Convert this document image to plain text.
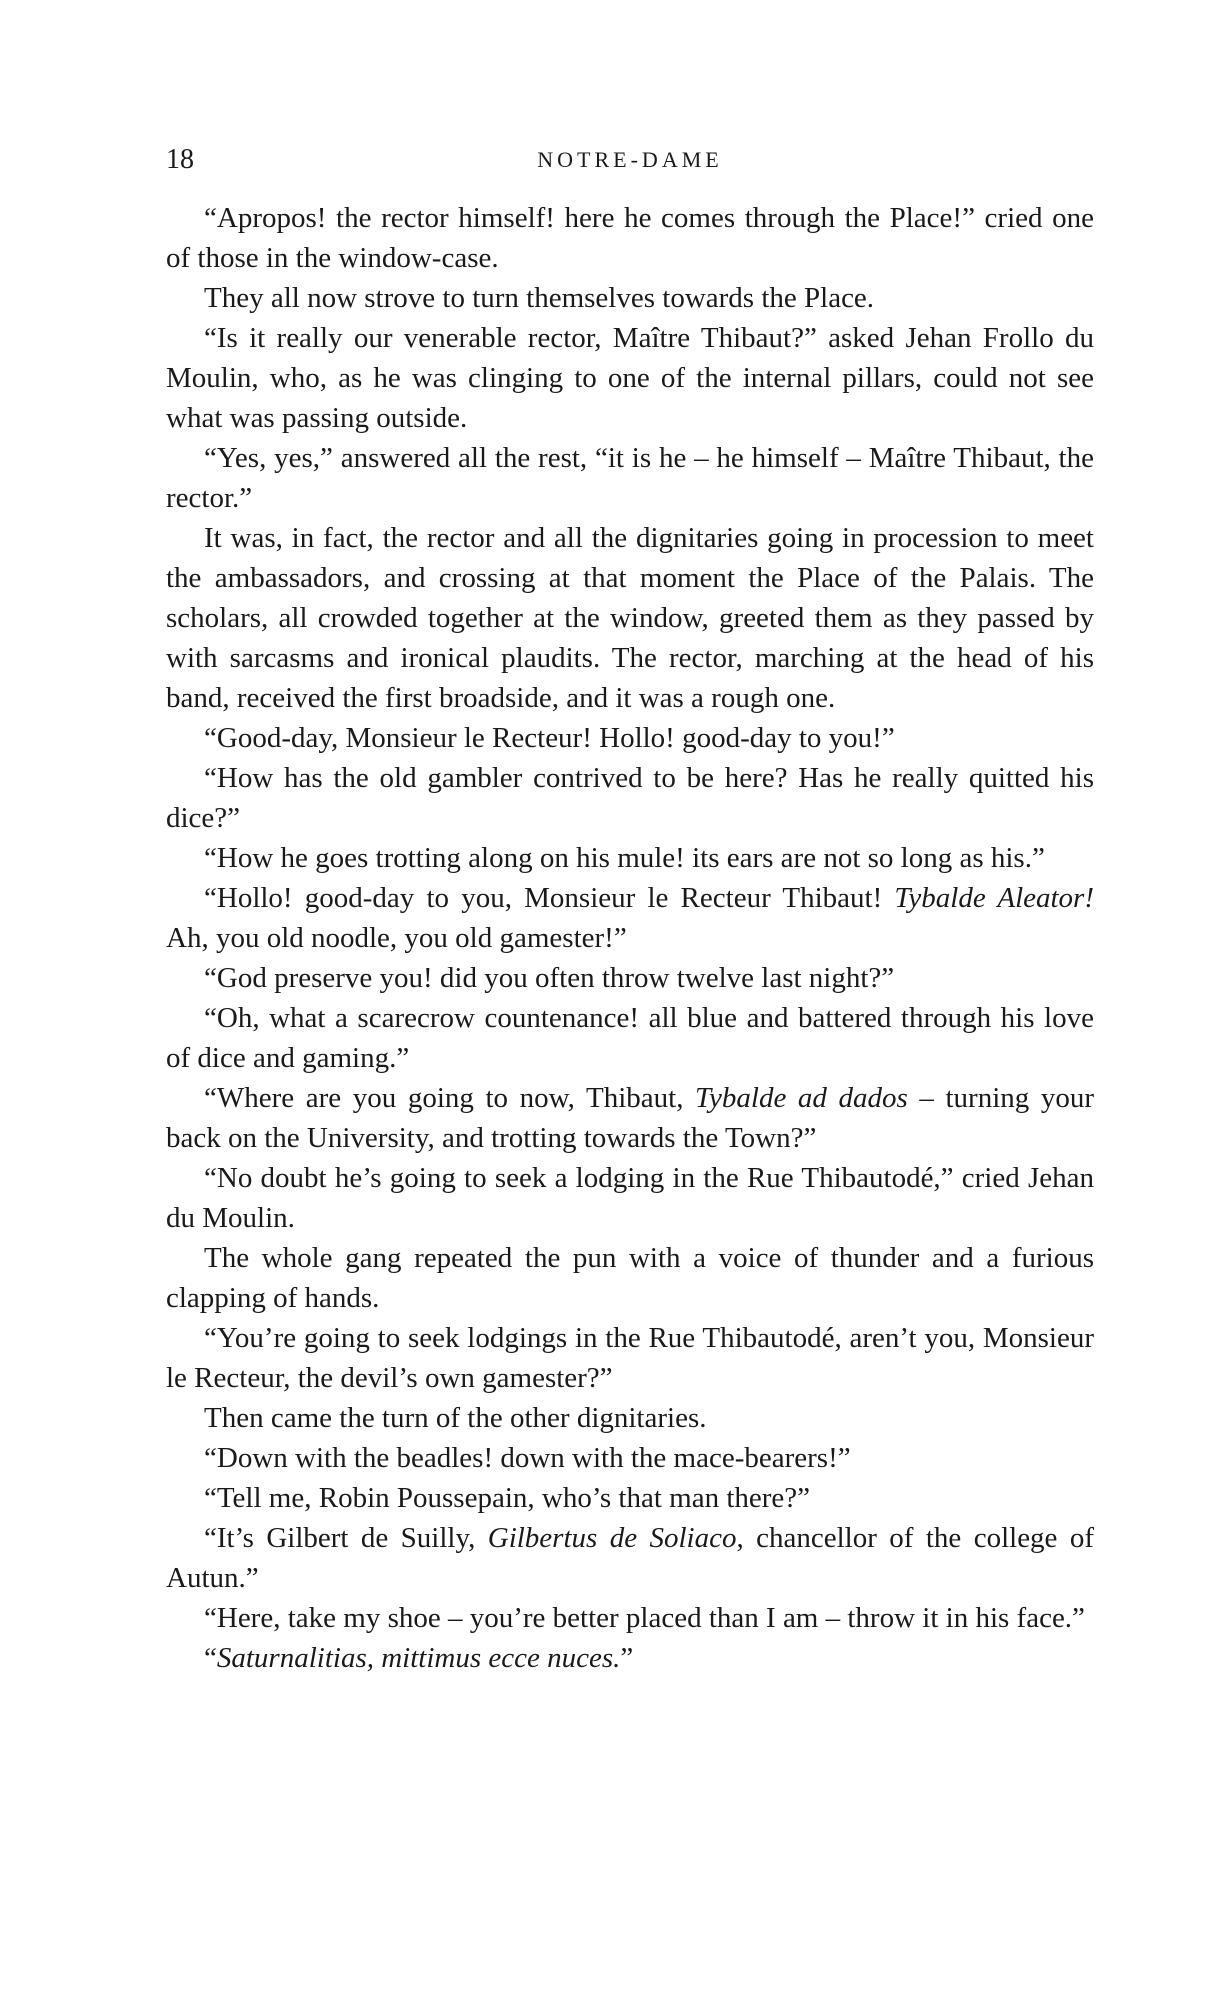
18	NOTRE-DAME

“Apropos! the rector himself! here he comes through the Place!” cried one of those in the window-case.

They all now strove to turn themselves towards the Place.

“Is it really our venerable rector, Maître Thibaut?” asked Jehan Frollo du Moulin, who, as he was clinging to one of the internal pillars, could not see what was passing outside.

“Yes, yes,” answered all the rest, “it is he – he himself – Maître Thibaut, the rector.”

It was, in fact, the rector and all the dignitaries going in procession to meet the ambassadors, and crossing at that moment the Place of the Palais. The scholars, all crowded together at the window, greeted them as they passed by with sarcasms and ironical plaudits. The rector, marching at the head of his band, received the first broadside, and it was a rough one.

“Good-day, Monsieur le Recteur! Hollo! good-day to you!”

“How has the old gambler contrived to be here? Has he really quitted his dice?”

“How he goes trotting along on his mule! its ears are not so long as his.”

“Hollo! good-day to you, Monsieur le Recteur Thibaut! Tybalde Aleator! Ah, you old noodle, you old gamester!”

“God preserve you! did you often throw twelve last night?”

“Oh, what a scarecrow countenance! all blue and battered through his love of dice and gaming.”

“Where are you going to now, Thibaut, Tybalde ad dados – turning your back on the University, and trotting towards the Town?”

“No doubt he’s going to seek a lodging in the Rue Thibautodé,” cried Jehan du Moulin.

The whole gang repeated the pun with a voice of thunder and a furious clapping of hands.

“You’re going to seek lodgings in the Rue Thibautodé, aren’t you, Monsieur le Recteur, the devil’s own gamester?”

Then came the turn of the other dignitaries.

“Down with the beadles! down with the mace-bearers!”

“Tell me, Robin Poussepain, who’s that man there?”

“It’s Gilbert de Suilly, Gilbertus de Soliaco, chancellor of the college of Autun.”

“Here, take my shoe – you’re better placed than I am – throw it in his face.”

“Saturnalitias, mittimus ecce nuces.”
